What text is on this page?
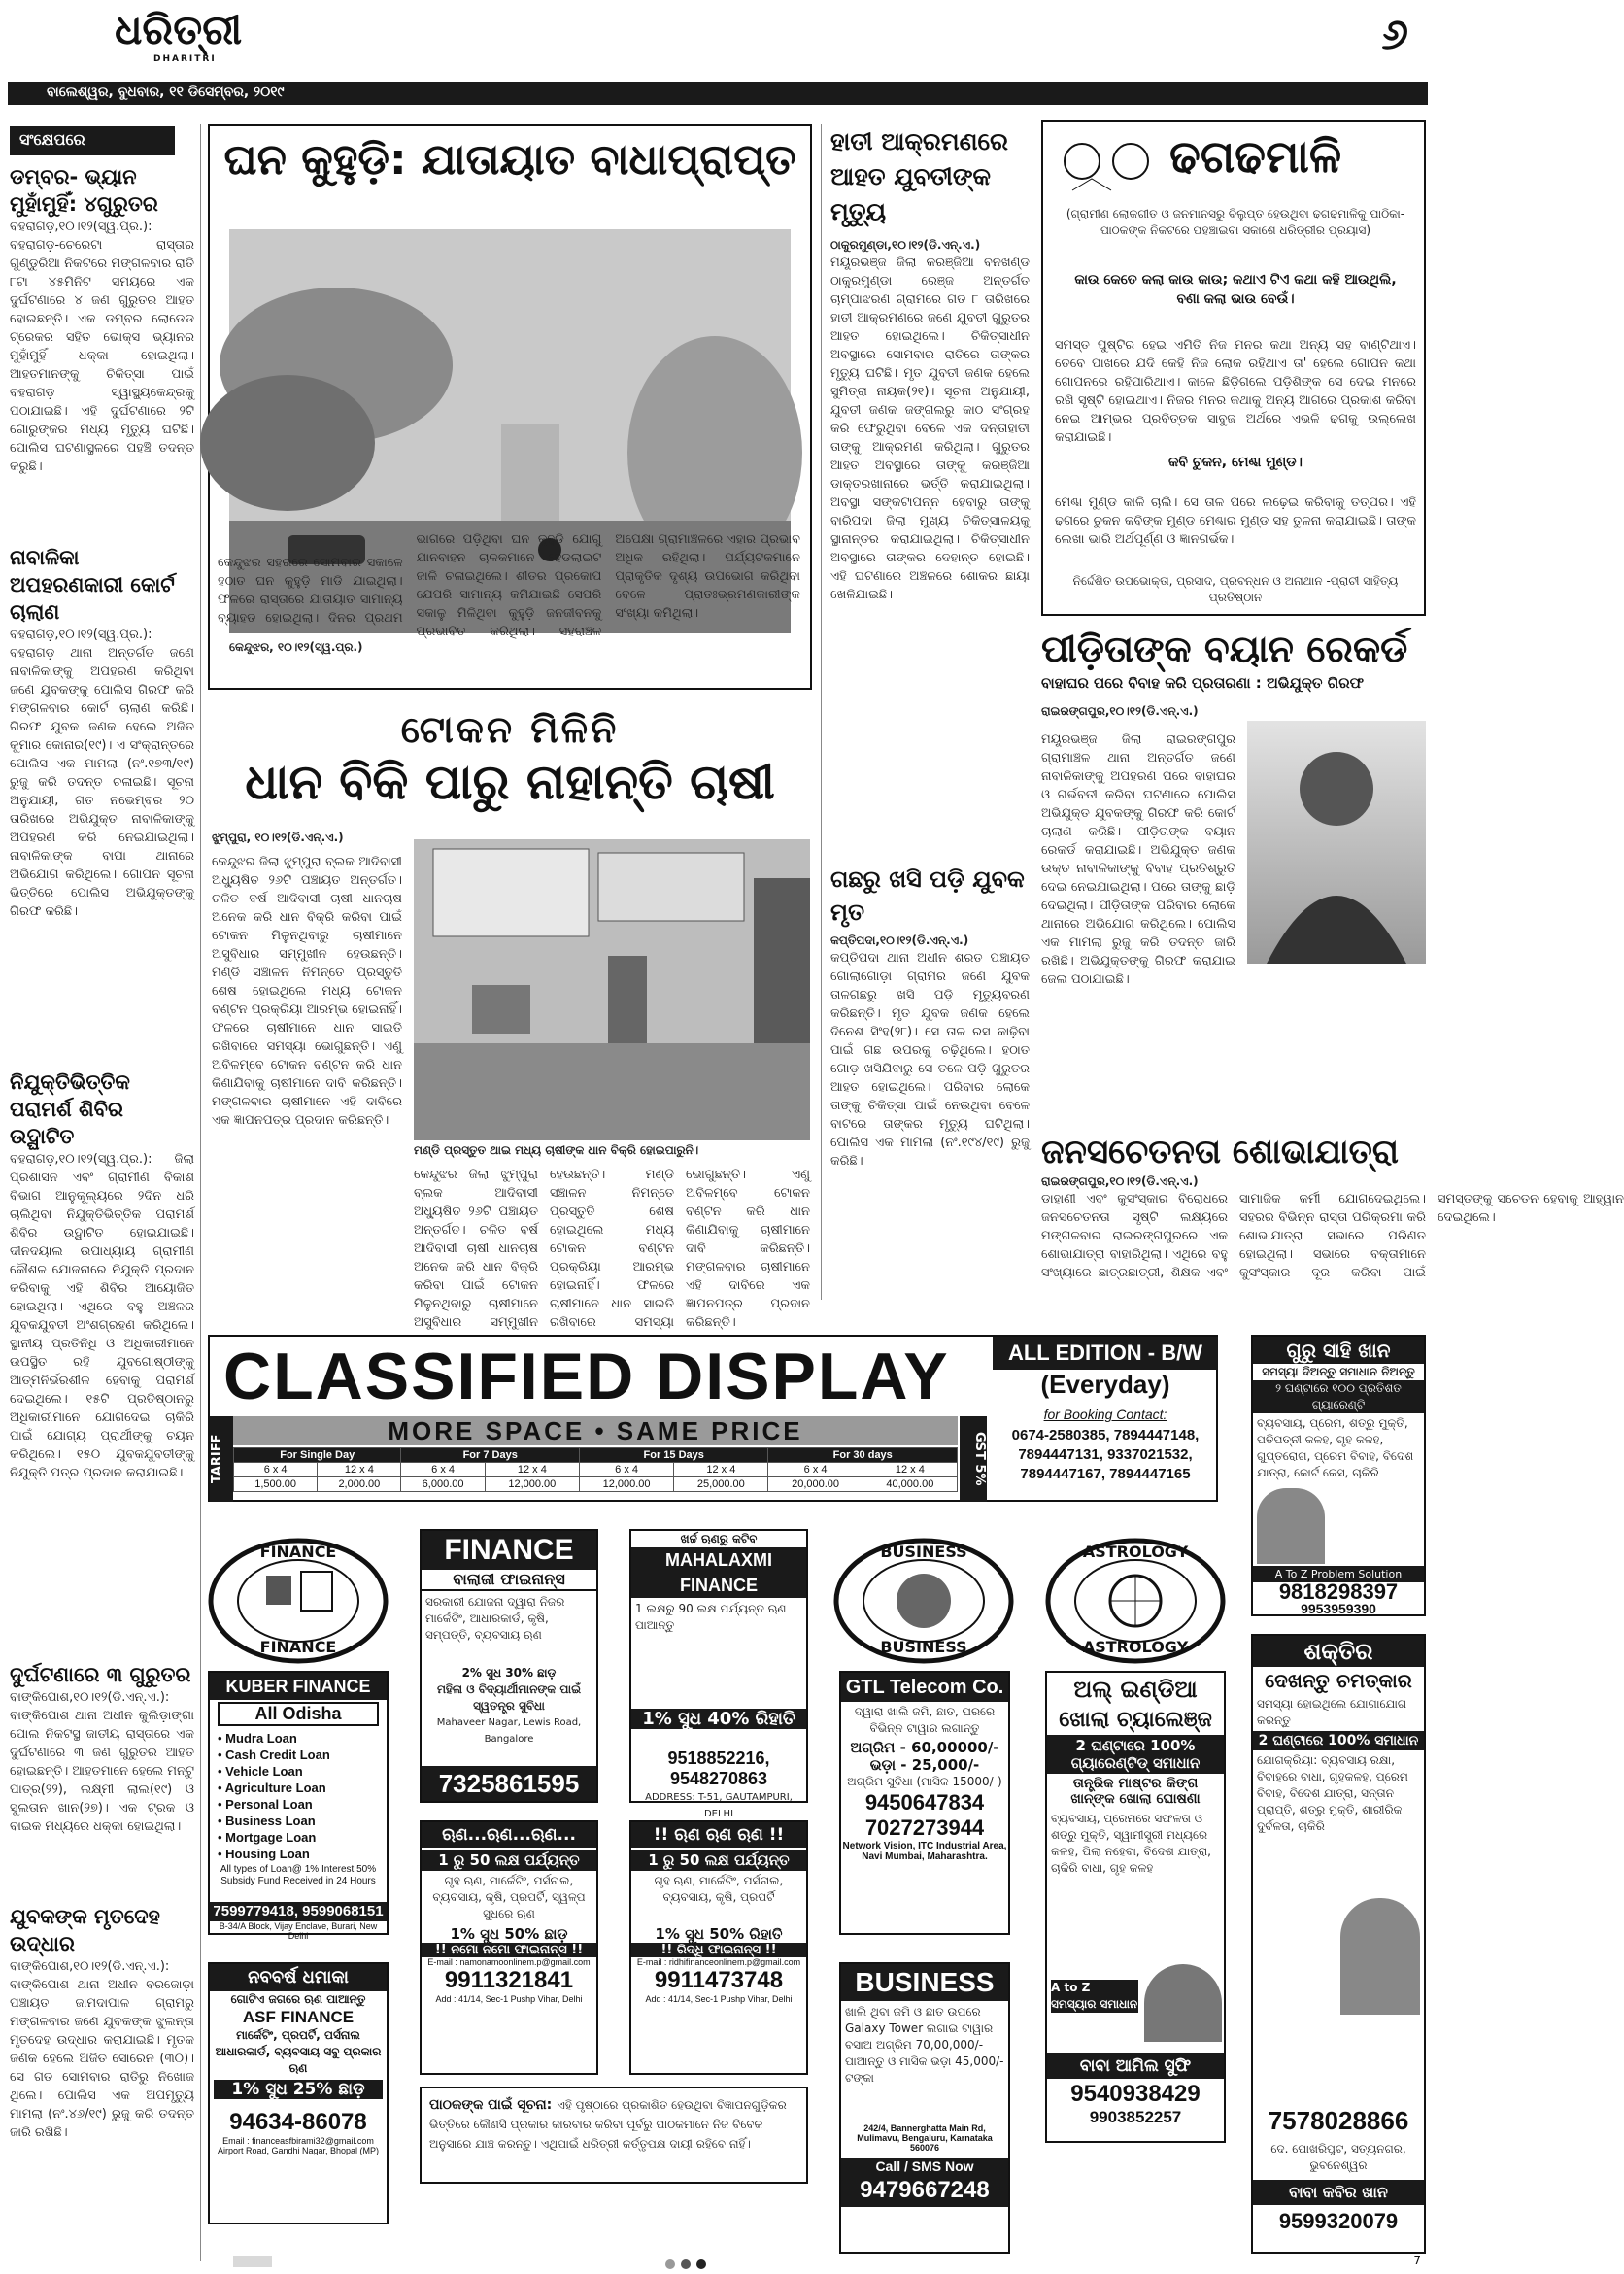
ଧରିତ୍ରୀ
DHARITRI	୬
ବାଲେଶ୍ୱର, ବୁଧବାର, ୧୧ ଡିସେମ୍ବର, ୨୦୧୯
ସଂକ୍ଷେପରେ
ଡମ୍ବର- ଭ୍ୟାନ ମୁହାଁମୁହିଁ: ୪ଗୁରୁତର
ବହରାଗଡ଼,୧୦।୧୨(ସ୍ୱ.ପ୍ର.): ବହରାଗଡ଼-ଚେରେଟା ରାସ୍ତାର ଗୁଣ୍ଡୁରିଆ ନିକଟରେ ମଙ୍ଗଳବାର ରାତି ୮ଟା ୪୫ମିନିଟ ସମୟରେ ଏକ ଦୁର୍ଘଟଣାରେ ୪ ଜଣ ଗୁରୁତର ଆହତ ହୋଇଛନ୍ତି। ଏକ ଡମ୍ବର ଲୋଡେଡ ଟ୍ରେକର ସହିତ ଭୋକ୍ସ ଭ୍ୟାନର ମୁହାଁମୁହିଁ ଧକ୍କା ହୋଇଥିଲା। ଆହତମାନଙ୍କୁ ଚିକିତ୍ସା ପାଇଁ ବହରାଗଡ଼ ସ୍ୱାସ୍ଥ୍ୟକେନ୍ଦ୍ରକୁ ପଠାଯାଇଛି। ଏହି ଦୁର୍ଘଟଣାରେ ୨ଟି ଗୋରୁଙ୍କର ମଧ୍ୟ ମୃତ୍ୟୁ ଘଟିଛି। ପୋଲିସ ଘଟଣାସ୍ଥଳରେ ପହଞ୍ଚି ତଦନ୍ତ କରୁଛି।
ନାବାଳିକା ଅପହରଣକାରୀ କୋର୍ଟ ଚାଲାଣ
ବହରାଗଡ଼,୧୦।୧୨(ସ୍ୱ.ପ୍ର.): ବହରାଗଡ଼ ଥାନା ଅନ୍ତର୍ଗତ ଜଣେ ନାବାଳିକାଙ୍କୁ ଅପହରଣ କରିଥିବା ଜଣେ ଯୁବକଙ୍କୁ ପୋଲିସ ଗିରଫ କରି ମଙ୍ଗଳବାର କୋର୍ଟ ଚାଲାଣ କରିଛି। ଗିରଫ ଯୁବକ ଜଣକ ହେଲେ ଅଜିତ କୁମାର କୋନାର(୧୯)। ଏ ସଂକ୍ରାନ୍ତରେ ପୋଲିସ ଏକ ମାମଲା (ନଂ.୧୭୩/୧୯) ରୁଜୁ କରି ତଦନ୍ତ ଚଳାଇଛି। ସୂଚନା ଅନୁଯାୟୀ, ଗତ ନଭେମ୍ବର ୨୦ ତାରିଖରେ ଅଭିଯୁକ୍ତ ନାବାଳିକାଙ୍କୁ ଅପହରଣ କରି ନେଇଯାଇଥିଲା। ନାବାଳିକାଙ୍କ ବାପା ଥାନାରେ ଅଭିଯୋଗ କରିଥିଲେ। ଗୋପନ ସୂଚନା ଭିତ୍ତିରେ ପୋଲିସ ଅଭିଯୁକ୍ତଙ୍କୁ ଗିରଫ କରିଛି।
ନିଯୁକ୍ତିଭିତ୍ତିକ ପରାମର୍ଶ ଶିବିର ଉଦ୍ଘାଟିତ
ବହରାଗଡ଼,୧୦।୧୨(ସ୍ୱ.ପ୍ର.): ଜିଲା ପ୍ରଶାସନ ଏବଂ ଗ୍ରାମୀଣ ବିକାଶ ବିଭାଗ ଆନୁକୂଲ୍ୟରେ ୨ଦିନ ଧରି ଚାଲିଥିବା ନିଯୁକ୍ତିଭିତ୍ତିକ ପରାମର୍ଶ ଶିବିର ଉଦ୍ଘାଟିତ ହୋଇଯାଇଛି। ଦୀନଦୟାଲ ଉପାଧ୍ୟାୟ ଗ୍ରାମୀଣ କୌଶଳ ଯୋଜନାରେ ନିଯୁକ୍ତି ପ୍ରଦାନ କରିବାକୁ ଏହି ଶିବିର ଆୟୋଜିତ ହୋଇଥିଲା। ଏଥିରେ ବହୁ ଅଞ୍ଚଳର ଯୁବକଯୁବତୀ ଅଂଶଗ୍ରହଣ କରିଥିଲେ। ସ୍ଥାନୀୟ ପ୍ରତିନିଧି ଓ ଅଧିକାରୀମାନେ ଉପସ୍ଥିତ ରହି ଯୁବଗୋଷ୍ଠୀଙ୍କୁ ଆତ୍ମନିର୍ଭରଶୀଳ ହେବାକୁ ପରାମର୍ଶ ଦେଇଥିଲେ। ୧୫ଟି ପ୍ରତିଷ୍ଠାନରୁ ଅଧିକାରୀମାନେ ଯୋଗଦେଇ ଚାକିରି ପାଇଁ ଯୋଗ୍ୟ ପ୍ରାର୍ଥୀଙ୍କୁ ଚୟନ କରିଥିଲେ। ୧୫୦ ଯୁବକଯୁବତୀଙ୍କୁ ନିଯୁକ୍ତି ପତ୍ର ପ୍ରଦାନ କରାଯାଇଛି।
ଦୁର୍ଘଟଣାରେ ୩ ଗୁରୁତର
ବାଙ୍କିପୋଶ,୧୦।୧୨(ଡି.ଏନ୍.ଏ.): ବାଙ୍କିପୋଶ ଥାନା ଅଧୀନ କୁଲିଡ଼ାଙ୍ଗା ପୋଲ ନିକଟସ୍ଥ ଜାତୀୟ ରାସ୍ତାରେ ଏକ ଦୁର୍ଘଟଣାରେ ୩ ଜଣ ଗୁରୁତର ଆହତ ହୋଇଛନ୍ତି। ଆହତମାନେ ହେଲେ ମନ୍ଟୁ ପାତ୍ର(୨୨), ଲକ୍ଷ୍ମୀ ଲାଲ(୧୯) ଓ ସୁଲତାନ ଖାନ(୨୭)। ଏକ ଟ୍ରକ ଓ ବାଇକ ମଧ୍ୟରେ ଧକ୍କା ହୋଇଥିଲା।
ଯୁବକଙ୍କ ମୃତଦେହ ଉଦ୍ଧାର
ବାଙ୍କିପୋଶ,୧୦।୧୨(ଡି.ଏନ୍.ଏ.): ବାଙ୍କିପୋଶ ଥାନା ଅଧୀନ ବରଜୋଡ଼ା ପଞ୍ଚାୟତ ଜାମଦାପାଳ ଗ୍ରାମରୁ ମଙ୍ଗଳବାର ଜଣେ ଯୁବକଙ୍କ ଝୁଲନ୍ତା ମୃତଦେହ ଉଦ୍ଧାର କରାଯାଇଛି। ମୃତକ ଜଣକ ହେଲେ ଅଜିତ ସୋରେନ (୩୦)। ସେ ଗତ ସୋମବାର ରାତିରୁ ନିଖୋଜ ଥିଲେ। ପୋଲିସ ଏକ ଅପମୃତ୍ୟୁ ମାମଲା (ନଂ.୪୬/୧୯) ରୁଜୁ କରି ତଦନ୍ତ ଜାରି ରଖିଛି।
ଘନ କୁହୁଡ଼ି: ଯାତାୟାତ ବାଧାପ୍ରାପ୍ତ
କେନ୍ଦୁଝର, ୧୦।୧୨(ସ୍ୱ.ପ୍ର.)
କେନ୍ଦୁଝର ସହରରେ ସୋମବାର ସକାଳେ ହଠାତ ଘନ କୁହୁଡ଼ି ମାଡି ଯାଇଥିଲା। ଫଳରେ ରାସ୍ତାରେ ଯାତାୟାତ ସାମାନ୍ୟ ବ୍ୟାହତ ହୋଇଥିଲା। ଦିନର ପ୍ରଥମ ଭାଗରେ ପଡ଼ିଥିବା ଘନ କୁହୁଡ଼ି ଯୋଗୁ ଯାନବାହନ ଚାଳକମାନେ ହେଡଲାଇଟ ଜାଳି ଚଳାଇଥିଲେ। ଶୀତର ପ୍ରକୋପ ଯେପରି ସାମାନ୍ୟ କମିଯାଇଛି ସେପରି ସକାଳୁ ମିଳିଥିବା କୁହୁଡ଼ି ଜନଜୀବନକୁ ପ୍ରଭାବିତ କରିଥିଲା। ସହରାଞ୍ଚଳ ଅପେକ୍ଷା ଗ୍ରାମାଞ୍ଚଳରେ ଏହାର ପ୍ରଭାବ ଅଧିକ ରହିଥିଲା। ପର୍ଯ୍ୟଟକମାନେ ପ୍ରାକୃତିକ ଦୃଶ୍ୟ ଉପଭୋଗ କରିଥିବା ବେଳେ ପ୍ରାତଃଭ୍ରମଣକାରୀଙ୍କ ସଂଖ୍ୟା କମିଥିଲା।
ଟୋକନ ମିଳିନି
ଧାନ ବିକି ପାରୁ ନାହାନ୍ତି ଚାଷୀ
ଝୁମ୍ପୁରା, ୧୦।୧୨(ଡି.ଏନ୍.ଏ.)
କେନ୍ଦୁଝର ଜିଲା ଝୁମ୍ପୁରା ବ୍ଲକ ଆଦିବାସୀ ଅଧ୍ୟୁଷିତ ୨୬ଟି ପଞ୍ଚାୟତ ଅନ୍ତର୍ଗତ। ଚଳିତ ବର୍ଷ ଆଦିବାସୀ ଚାଷୀ ଧାନଚାଷ ଅନେକ କରି ଧାନ ବିକ୍ରି କରିବା ପାଇଁ ଟୋକନ ମିଳୁନଥିବାରୁ ଚାଷୀମାନେ ଅସୁବିଧାର ସମ୍ମୁଖୀନ ହେଉଛନ୍ତି। ମଣ୍ଡି ସଞ୍ଚାଳନ ନିମନ୍ତେ ପ୍ରସ୍ତୁତି ଶେଷ ହୋଇଥିଲେ ମଧ୍ୟ ଟୋକନ ବଣ୍ଟନ ପ୍ରକ୍ରିୟା ଆରମ୍ଭ ହୋଇନାହିଁ। ଫଳରେ ଚାଷୀମାନେ ଧାନ ସାଇତି ରଖିବାରେ ସମସ୍ୟା ଭୋଗୁଛନ୍ତି। ଏଣୁ ଅବିଳମ୍ବେ ଟୋକନ ବଣ୍ଟନ କରି ଧାନ କିଣାଯିବାକୁ ଚାଷୀମାନେ ଦାବି କରିଛନ୍ତି। ମଙ୍ଗଳବାର ଚାଷୀମାନେ ଏହି ଦାବିରେ ଏକ ଜ୍ଞାପନପତ୍ର ପ୍ରଦାନ କରିଛନ୍ତି।
ମଣ୍ଡି ପ୍ରସ୍ତୁତ ଥାଇ ମଧ୍ୟ ଚାଷୀଙ୍କ ଧାନ ବିକ୍ରି ହୋଇପାରୁନି।
କେନ୍ଦୁଝର ଜିଲା ଝୁମ୍ପୁରା ବ୍ଲକ ଆଦିବାସୀ ଅଧ୍ୟୁଷିତ ୨୬ଟି ପଞ୍ଚାୟତ ଅନ୍ତର୍ଗତ। ଚଳିତ ବର୍ଷ ଆଦିବାସୀ ଚାଷୀ ଧାନଚାଷ ଅନେକ କରି ଧାନ ବିକ୍ରି କରିବା ପାଇଁ ଟୋକନ ମିଳୁନଥିବାରୁ ଚାଷୀମାନେ ଅସୁବିଧାର ସମ୍ମୁଖୀନ ହେଉଛନ୍ତି। ମଣ୍ଡି ସଞ୍ଚାଳନ ନିମନ୍ତେ ପ୍ରସ୍ତୁତି ଶେଷ ହୋଇଥିଲେ ମଧ୍ୟ ଟୋକନ ବଣ୍ଟନ ପ୍ରକ୍ରିୟା ଆରମ୍ଭ ହୋଇନାହିଁ। ଫଳରେ ଚାଷୀମାନେ ଧାନ ସାଇତି ରଖିବାରେ ସମସ୍ୟା ଭୋଗୁଛନ୍ତି। ଏଣୁ ଅବିଳମ୍ବେ ଟୋକନ ବଣ୍ଟନ କରି ଧାନ କିଣାଯିବାକୁ ଚାଷୀମାନେ ଦାବି କରିଛନ୍ତି। ମଙ୍ଗଳବାର ଚାଷୀମାନେ ଏହି ଦାବିରେ ଏକ ଜ୍ଞାପନପତ୍ର ପ୍ରଦାନ କରିଛନ୍ତି।
ହାତୀ ଆକ୍ରମଣରେ ଆହତ ଯୁବତୀଙ୍କ ମୃତ୍ୟୁ
ଠାକୁରମୁଣ୍ଡା,୧୦।୧୨(ଡି.ଏନ୍.ଏ.)
ମୟୂରଭଞ୍ଜ ଜିଲା କରଞ୍ଜିଆ ବନଖଣ୍ଡ ଠାକୁରମୁଣ୍ଡା ରେଞ୍ଜ ଅନ୍ତର୍ଗତ ଚାମ୍ପାଝରଣ ଗ୍ରାମରେ ଗତ ୮ ତାରିଖରେ ହାତୀ ଆକ୍ରମଣରେ ଜଣେ ଯୁବତୀ ଗୁରୁତର ଆହତ ହୋଇଥିଲେ। ଚିକିତ୍ସାଧୀନ ଅବସ୍ଥାରେ ସୋମବାର ରାତିରେ ତାଙ୍କର ମୃତ୍ୟୁ ଘଟିଛି। ମୃତ ଯୁବତୀ ଜଣକ ହେଲେ ସୁମିତ୍ରା ନାୟକ(୨୧)। ସୂଚନା ଅନୁଯାୟୀ, ଯୁବତୀ ଜଣକ ଜଙ୍ଗଲରୁ କାଠ ସଂଗ୍ରହ କରି ଫେରୁଥିବା ବେଳେ ଏକ ଦନ୍ତାହାତୀ ତାଙ୍କୁ ଆକ୍ରମଣ କରିଥିଲା। ଗୁରୁତର ଆହତ ଅବସ୍ଥାରେ ତାଙ୍କୁ କରଞ୍ଜିଆ ଡାକ୍ତରଖାନାରେ ଭର୍ତ୍ତି କରାଯାଇଥିଲା। ଅବସ୍ଥା ସଙ୍କଟାପନ୍ନ ହେବାରୁ ତାଙ୍କୁ ବାରିପଦା ଜିଲା ମୁଖ୍ୟ ଚିକିତ୍ସାଳୟକୁ ସ୍ଥାନାନ୍ତର କରାଯାଇଥିଲା। ଚିକିତ୍ସାଧୀନ ଅବସ୍ଥାରେ ତାଙ୍କର ଦେହାନ୍ତ ହୋଇଛି। ଏହି ଘଟଣାରେ ଅଞ୍ଚଳରେ ଶୋକର ଛାୟା ଖେଳିଯାଇଛି।
ଗଛରୁ ଖସି ପଡ଼ି ଯୁବକ ମୃତ
କପ୍ତିପଦା,୧୦।୧୨(ଡି.ଏନ୍.ଏ.)
କପ୍ତିପଦା ଥାନା ଅଧୀନ ଶରତ ପଞ୍ଚାୟତ ଗୋଲାଗୋଡ଼ା ଗ୍ରାମର ଜଣେ ଯୁବକ ତାଳଗଛରୁ ଖସି ପଡ଼ି ମୃତ୍ୟୁବରଣ କରିଛନ୍ତି। ମୃତ ଯୁବକ ଜଣକ ହେଲେ ଦିନେଶ ସିଂହ(୨୮)। ସେ ତାଳ ରସ କାଢ଼ିବା ପାଇଁ ଗଛ ଉପରକୁ ଚଢ଼ିଥିଲେ। ହଠାତ ଗୋଡ଼ ଖସିଯିବାରୁ ସେ ତଳେ ପଡ଼ି ଗୁରୁତର ଆହତ ହୋଇଥିଲେ। ପରିବାର ଲୋକେ ତାଙ୍କୁ ଚିକିତ୍ସା ପାଇଁ ନେଉଥିବା ବେଳେ ବାଟରେ ତାଙ୍କର ମୃତ୍ୟୁ ଘଟିଥିଲା। ପୋଲିସ ଏକ ମାମଲା (ନଂ.୧୯୪/୧୯) ରୁଜୁ କରିଛି।
ଢଗଢମାଳି
(ଗ୍ରାମୀଣ ଲୋକଗୀତ ଓ ଜନମାନସରୁ ବିଲୁପ୍ତ ହେଉଥିବା ଢଗଢମାଳିକୁ ପାଠିକା-ପାଠକଙ୍କ ନିକଟରେ ପହଞ୍ଚାଇବା ସକାଶେ ଧରିତ୍ରୀର ପ୍ରୟାସ)
କାଉ କେତେ କଲା କାଉ କାଉ; କଥାଏ ଟିଏ କଥା କହି ଆଉଥିଲି, ବଣା କଲା ଭାଉ ବେଉଁ।
ସମସ୍ତ ପୁଷ୍ଟିର ହେଇ ଏମିତି ନିଜ ମନର କଥା ଅନ୍ୟ ସହ ବାଣ୍ଟିଥାଏ। ତେବେ ପାଖରେ ଯଦି କେହି ନିଜ ଲୋକ ରହିଥାଏ ତା' ହେଲେ ଗୋପନ କଥା ଗୋପନରେ ରହିପାରିଥାଏ। କାଳେ ଛିଡ଼ିଗଲେ ପଡ଼ିଶିଙ୍କ ସେ ଦେଇ ମନରେ ରଖି ସୃଷ୍ଟି ହୋଇଥାଏ। ନିଜର ମନର କଥାକୁ ଅନ୍ୟ ଆଗରେ ପ୍ରକାଶ କରିବା ନେଇ ଆମ୍ଭର ପ୍ରବିତ୍ତକ ସାବୁଜ ଅର୍ଥରେ ଏଭଳି ଢଗକୁ ଉଲ୍ଲେଖ କରାଯାଇଛି।
କବି ଚୁକନ, ମେଣ୍ଢା ମୁଣ୍ଡ।
ମେଣ୍ଢା ମୁଣ୍ଡ କାଳି ଚାଲି। ସେ ତାଳ ପରେ ଲଢ଼େଇ କରିବାକୁ ତତ୍ପର। ଏହି ଢଗରେ ଚୁକନ କବିଙ୍କ ମୁଣ୍ଡ ମେଣ୍ଢାର ମୁଣ୍ଡ ସହ ତୁଳନା କରାଯାଇଛି। ତାଙ୍କ ଲେଖା ଭାରି ଅର୍ଥପୂର୍ଣ୍ଣ ଓ ଜ୍ଞାନଗର୍ଭକ।
ନିର୍ଦ୍ଦେଶିତ ଉପଭୋକ୍ତା, ପ୍ରସାଦ, ପ୍ରବନ୍ଧନ ଓ ଅନାଥାନ -ପ୍ରାଚୀ ସାହିତ୍ୟ ପ୍ରତିଷ୍ଠାନ
ପୀଡ଼ିତାଙ୍କ ବୟାନ ରେକର୍ଡ
ବାହାଘର ପରେ ବିବାହ କରି ପ୍ରତାରଣା : ଅଭିଯୁକ୍ତ ଗିରଫ
ରାଇରଙ୍ଗପୁର,୧୦।୧୨(ଡି.ଏନ୍.ଏ.)
ମୟୂରଭଞ୍ଜ ଜିଲା ରାଇରଙ୍ଗପୁର ଗ୍ରାମାଞ୍ଚଳ ଥାନା ଅନ୍ତର୍ଗତ ଜଣେ ନାବାଳିକାଙ୍କୁ ଅପହରଣ ପରେ ବାହାଘର ଓ ଗର୍ଭବତୀ କରିବା ଘଟଣାରେ ପୋଲିସ ଅଭିଯୁକ୍ତ ଯୁବକଙ୍କୁ ଗିରଫ କରି କୋର୍ଟ ଚାଲାଣ କରିଛି। ପୀଡ଼ିତାଙ୍କ ବୟାନ ରେକର୍ଡ କରାଯାଇଛି। ଅଭିଯୁକ୍ତ ଜଣକ ଉକ୍ତ ନାବାଳିକାଙ୍କୁ ବିବାହ ପ୍ରତିଶ୍ରୁତି ଦେଇ ନେଇଯାଇଥିଲା। ପରେ ତାଙ୍କୁ ଛାଡ଼ି ଦେଇଥିଲା। ପୀଡ଼ିତାଙ୍କ ପରିବାର ଲୋକେ ଥାନାରେ ଅଭିଯୋଗ କରିଥିଲେ। ପୋଲିସ ଏକ ମାମଲା ରୁଜୁ କରି ତଦନ୍ତ ଜାରି ରଖିଛି। ଅଭିଯୁକ୍ତଙ୍କୁ ଗିରଫ କରାଯାଇ ଜେଲ ପଠାଯାଇଛି।
ଜନସଚେତନତା ଶୋଭାଯାତ୍ରା
ରାଇରଙ୍ଗପୁର,୧୦।୧୨(ଡି.ଏନ୍.ଏ.)
ଡାହାଣୀ ଏବଂ କୁସଂସ୍କାର ବିରୋଧରେ ଜନସଚେତନତା ସୃଷ୍ଟି ଲକ୍ଷ୍ୟରେ ମଙ୍ଗଳବାର ରାଇରଙ୍ଗପୁରରେ ଏକ ଶୋଭାଯାତ୍ରା ବାହାରିଥିଲା। ଏଥିରେ ବହୁ ସଂଖ୍ୟାରେ ଛାତ୍ରଛାତ୍ରୀ, ଶିକ୍ଷକ ଏବଂ ସାମାଜିକ କର୍ମୀ ଯୋଗଦେଇଥିଲେ। ସହରର ବିଭିନ୍ନ ରାସ୍ତା ପରିକ୍ରମା କରି ଶୋଭାଯାତ୍ରା ସଭାରେ ପରିଣତ ହୋଇଥିଲା। ସଭାରେ ବକ୍ତାମାନେ କୁସଂସ୍କାର ଦୂର କରିବା ପାଇଁ ସମସ୍ତଙ୍କୁ ସଚେତନ ହେବାକୁ ଆହ୍ୱାନ ଦେଇଥିଲେ।
CLASSIFIED DISPLAY	ALL EDITION - B/W
(Everyday)
TARIFF
MORE SPACE • SAME PRICE
For Single Day		For 7 Days		For 15 Days		For 30 days	
6 x 4	12 x 4	6 x 4	12 x 4	6 x 4	12 x 4	6 x 4	12 x 4
1,500.00	2,000.00	6,000.00	12,000.00	12,000.00	25,000.00	20,000.00	40,000.00	GST 5%
for Booking Contact:
0674-2580385, 7894447148, 7894447131, 9337021532, 7894447167, 7894447165
ଗୁରୁ ସାହି ଖାନ
ସମସ୍ୟା ଦିଅନ୍ତୁ ସମାଧାନ ନିଅନ୍ତୁ
୨ ଘଣ୍ଟାରେ ୧୦୦ ପ୍ରତିଶତ ଗ୍ୟାରେଣ୍ଟି
ବ୍ୟବସାୟ, ପ୍ରେମ, ଶତ୍ରୁ ମୁକ୍ତି, ପତିପତ୍ନୀ କଳହ, ଗୃହ କଳହ, ଗୁପ୍ତରୋଗ, ପ୍ରେମ ବିବାହ, ବିଦେଶ ଯାତ୍ରା, କୋର୍ଟ କେସ, ଚାକିରି
A To Z Problem Solution
9818298397
9953959390
FINANCE
FINANCE
FINANCE
ବାଲାଜୀ ଫାଇନାନ୍ସ
ସରକାରୀ ଯୋଜନା ଦ୍ୱାରା ନିଜର ମାର୍କେଟିଂ, ଆଧାରକାର୍ଡ, କୃଷି, ସମ୍ପତ୍ତି, ବ୍ୟବସାୟ ଋଣ
2% ସୁଧ 30% ଛାଡ଼
ମହିଳା ଓ ବିଦ୍ୟାର୍ଥୀମାନଙ୍କ ପାଇଁ ସ୍ୱତନ୍ତ୍ର ସୁବିଧା
Mahaveer Nagar, Lewis Road, Bangalore
7325861595
ଖର୍ଚ୍ଚ ଋଣରୁ କଟିବ
MAHALAXMI FINANCE
1 ଲକ୍ଷରୁ 90 ଲକ୍ଷ ପର୍ଯ୍ୟନ୍ତ ଋଣ ପାଆନ୍ତୁ
1% ସୁଧ 40% ରିହାତି
9518852216, 9548270863
ADDRESS: T-51, GAUTAMPURI, DELHI
BUSINESS
BUSINESS
ASTROLOGY
ASTROLOGY
KUBER FINANCE
All Odisha
• Mudra Loan
• Cash Credit Loan
• Vehicle Loan
• Agriculture Loan
• Personal Loan
• Business Loan
• Mortgage Loan
• Housing Loan
All types of Loan@ 1% Interest 50% Subsidy Fund Received in 24 Hours
7599779418, 9599068151
B-34/A Block, Vijay Enclave, Burari, New Delhi
GTL Telecom Co.
ଦ୍ୱାରା ଖାଲି ଜମି, ଛାତ, ଘରରେ ବିଭିନ୍ନ ଟାୱାର ଲଗାନ୍ତୁ
ଅଗ୍ରିମ - 60,00000/-
ଭଡ଼ା - 25,000/-
ଅଗ୍ରିମ ସୁବିଧା (ମାସିକ 15000/-)
9450647834
7027273944
Network Vision, ITC Industrial Area, Navi Mumbai, Maharashtra.
ଅଲ୍ ଇଣ୍ଡିଆ
ଖୋଲା ଚ୍ୟାଲେଞ୍ଜ
2 ଘଣ୍ଟାରେ 100% ଗ୍ୟାରେଣ୍ଟିଡ୍ ସମାଧାନ
ତାନ୍ତ୍ରିକ ମାଷ୍ଟର କିଙ୍ଗ ଖାନ୍‌ଙ୍କ ଖୋଲା ଘୋଷଣା
ବ୍ୟବସାୟ, ପ୍ରେମରେ ସଫଳତା ଓ ଶତ୍ରୁ ମୁକ୍ତି, ସ୍ୱାମୀସ୍ତ୍ରୀ ମଧ୍ୟରେ କଳହ, ପିଲା ନହେବା, ବିଦେଶ ଯାତ୍ରା, ଚାକିରି ବାଧା, ଗୃହ କଳହ
A to Z ସମସ୍ୟାର ସମାଧାନ
ବାବା ଆମିଲ ସୁଫି
9540938429
9903852257
ଶକ୍ତିର
ଦେଖନ୍ତୁ ଚମତ୍କାର
ସମସ୍ୟା ହୋଇଥିଲେ ଯୋଗାଯୋଗ କରନ୍ତୁ
2 ଘଣ୍ଟାରେ 100% ସମାଧାନ
ଯୋଗକ୍ରିୟା: ବ୍ୟବସାୟ ରକ୍ଷା, ବିବାହରେ ବାଧା, ଗୃହକଳହ, ପ୍ରେମ ବିବାହ, ବିଦେଶ ଯାତ୍ରା, ସନ୍ତାନ ପ୍ରାପ୍ତି, ଶତ୍ରୁ ମୁକ୍ତି, ଶାରୀରିକ ଦୁର୍ବଳତା, ଚାକିରି
7578028866
ଦେ. ପୋଖରିପୁଟ, ସତ୍ୟନଗର, ଭୁବନେଶ୍ୱର
ବାବା କବିର ଖାନ
9599320079
ଋଣ...ଋଣ...ଋଣ...
1 ରୁ 50 ଲକ୍ଷ ପର୍ଯ୍ୟନ୍ତ
ଗୃହ ଋଣ, ମାର୍କେଟିଂ, ପର୍ସନାଲ, ବ୍ୟବସାୟ, କୃଷି, ପ୍ରପର୍ଟି, ସ୍ୱଳ୍ପ ସୁଧରେ ଋଣ
1% ସୁଧ 50% ଛାଡ଼
!! ନମୋ ନମୋ ଫାଇନାନ୍ସ !!
E-mail : namonamoonlinem.p@gmail.com
9911321841
Add : 41/14, Sec-1 Pushp Vihar, Delhi
!! ଋଣ ଋଣ ଋଣ !!
1 ରୁ 50 ଲକ୍ଷ ପର୍ଯ୍ୟନ୍ତ
ଗୃହ ଋଣ, ମାର୍କେଟିଂ, ପର୍ସନାଲ, ବ୍ୟବସାୟ, କୃଷି, ପ୍ରପର୍ଟି
1% ସୁଧ 50% ରିହାତି
!! ରିଦ୍ଧି ଫାଇନାନ୍ସ !!
E-mail : ridhifinanceonlinem.p@gmail.com
9911473748
Add : 41/14, Sec-1 Pushp Vihar, Delhi
ନବବର୍ଷ ଧମାକା
ଗୋଟିଏ ଜଗରେ ଋଣ ପାଆନ୍ତୁ
ASF FINANCE
ମାର୍କେଟିଂ, ପ୍ରପର୍ଟି, ପର୍ସନାଲ ଆଧାରକାର୍ଡ, ବ୍ୟବସାୟ ସବୁ ପ୍ରକାର ଋଣ
1% ସୁଧ 25% ଛାଡ଼
94634-86078
Email : financeasfbirami32@gmail.com
Airport Road, Gandhi Nagar, Bhopal (MP)
BUSINESS
ଖାଲି ଥିବା ଜମି ଓ ଛାତ ଉପରେ Galaxy Tower ଲଗାଇ ଟାୱାର ବସାଅ ଅଗ୍ରିମ 70,00,000/- ପାଆନ୍ତୁ ଓ ମାସିକ ଭଡ଼ା 45,000/- ଟଙ୍କା
242/4, Bannerghatta Main Rd, Mulimavu, Bengaluru, Karnataka 560076
Call / SMS Now
9479667248
ପାଠକଙ୍କ ପାଇଁ ସୂଚନା: ଏହି ପୃଷ୍ଠାରେ ପ୍ରକାଶିତ ହେଉଥିବା ବିଜ୍ଞାପନଗୁଡ଼ିକର ଭିତ୍ତିରେ କୌଣସି ପ୍ରକାର କାରବାର କରିବା ପୂର୍ବରୁ ପାଠକମାନେ ନିଜ ବିବେକ ଅନୁସାରେ ଯାଞ୍ଚ କରନ୍ତୁ। ଏଥିପାଇଁ ଧରିତ୍ରୀ କର୍ତ୍ତୃପକ୍ଷ ଦାୟୀ ରହିବେ ନାହିଁ।
7
